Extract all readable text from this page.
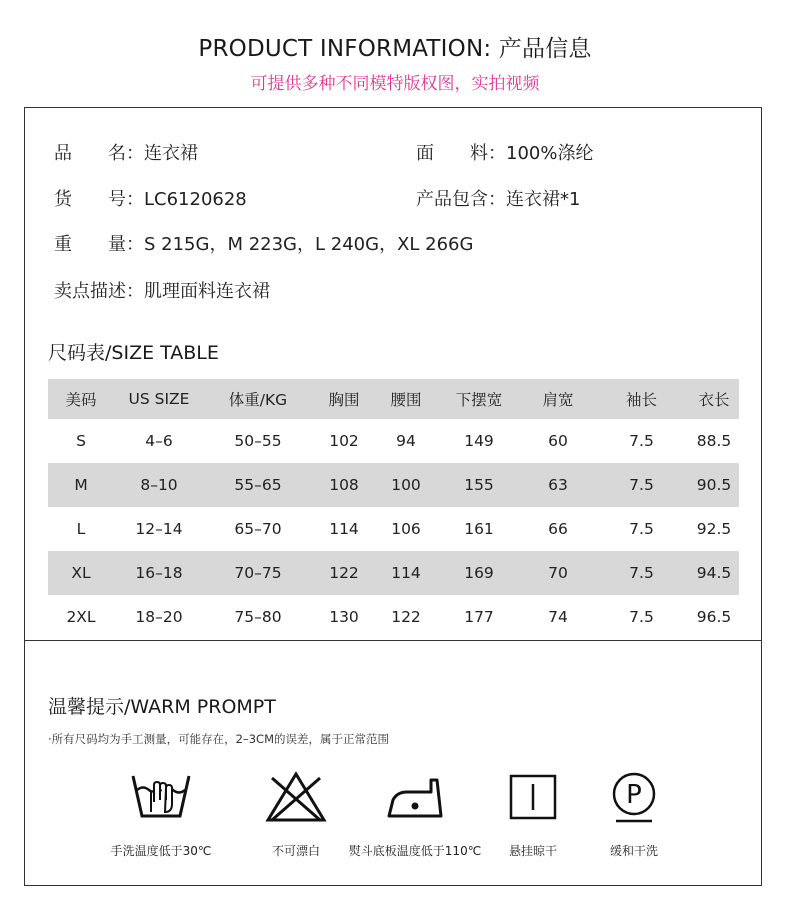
PRODUCT INFORMATION: 产品信息
可提供多种不同模特版权图，实拍视频
品　　名：连衣裙	面　　料：100%涤纶
货　　号：LC6120628	产品包含：连衣裙*1
重　　量：S 215G，M 223G，L 240G，XL 266G
卖点描述：肌理面料连衣裙
尺码表/SIZE TABLE
美码	US SIZE	体重/KG	胸围	腰围	下摆宽	肩宽	袖长	衣长
S	4–6	50–55	102	94	149	60	7.5	88.5
M	8–10	55–65	108	100	155	63	7.5	90.5
L	12–14	65–70	114	106	161	66	7.5	92.5
XL	16–18	70–75	122	114	169	70	7.5	94.5
2XL	18–20	75–80	130	122	177	74	7.5	96.5
温馨提示/WARM PROMPT
·所有尺码均为手工测量，可能存在，2–3CM的误差，属于正常范围
手洗温度低于30℃	不可漂白	熨斗底板温度低于110℃	悬挂晾干
P
缓和干洗
